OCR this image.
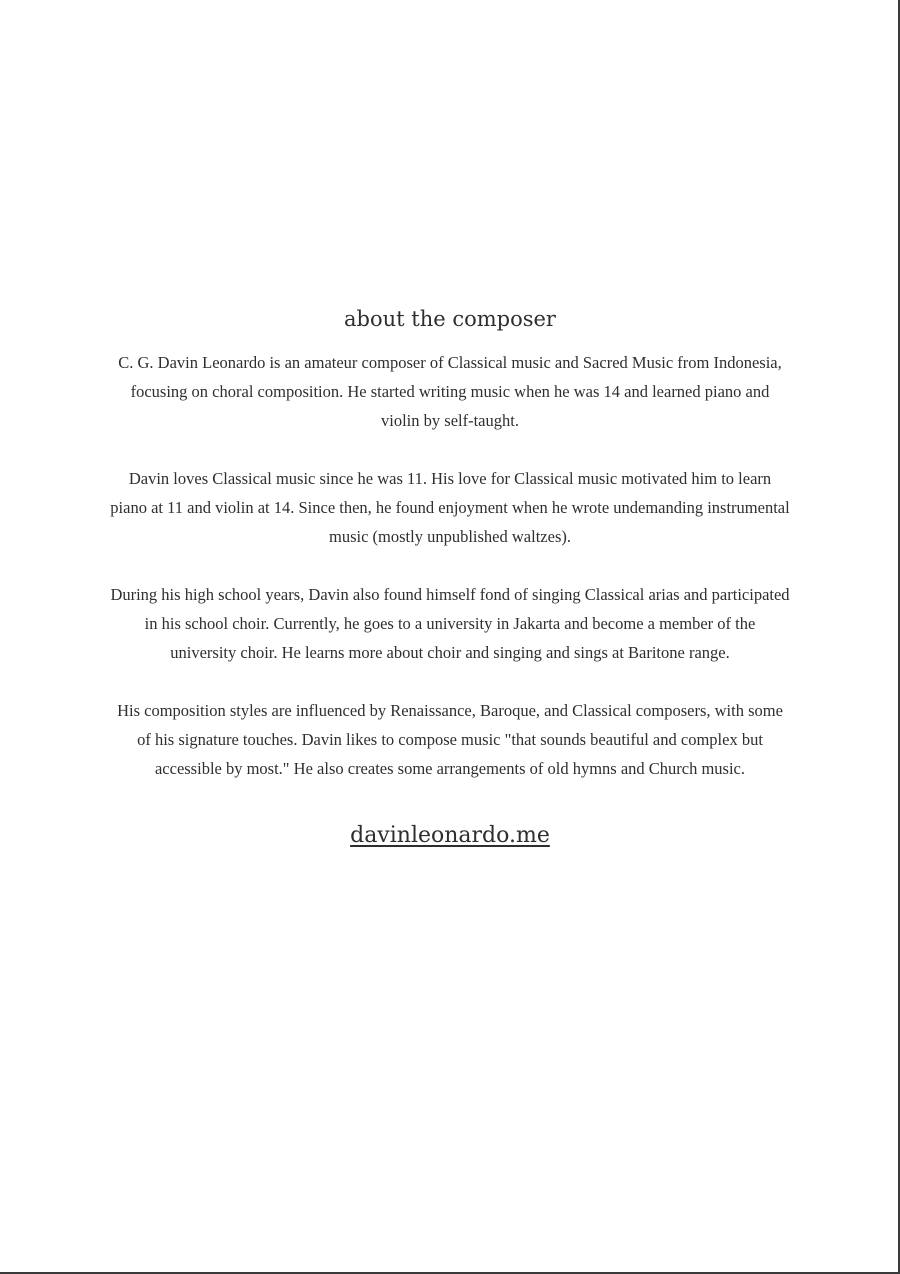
about the composer

C. G. Davin Leonardo is an amateur composer of Classical music and Sacred Music from Indonesia, focusing on choral composition. He started writing music when he was 14 and learned piano and violin by self-taught.

Davin loves Classical music since he was 11. His love for Classical music motivated him to learn piano at 11 and violin at 14. Since then, he found enjoyment when he wrote undemanding instrumental music (mostly unpublished waltzes).

During his high school years, Davin also found himself fond of singing Classical arias and participated in his school choir. Currently, he goes to a university in Jakarta and become a member of the university choir. He learns more about choir and singing and sings at Baritone range.

His composition styles are influenced by Renaissance, Baroque, and Classical composers, with some of his signature touches. Davin likes to compose music "that sounds beautiful and complex but accessible by most." He also creates some arrangements of old hymns and Church music.

davinleonardo.me
